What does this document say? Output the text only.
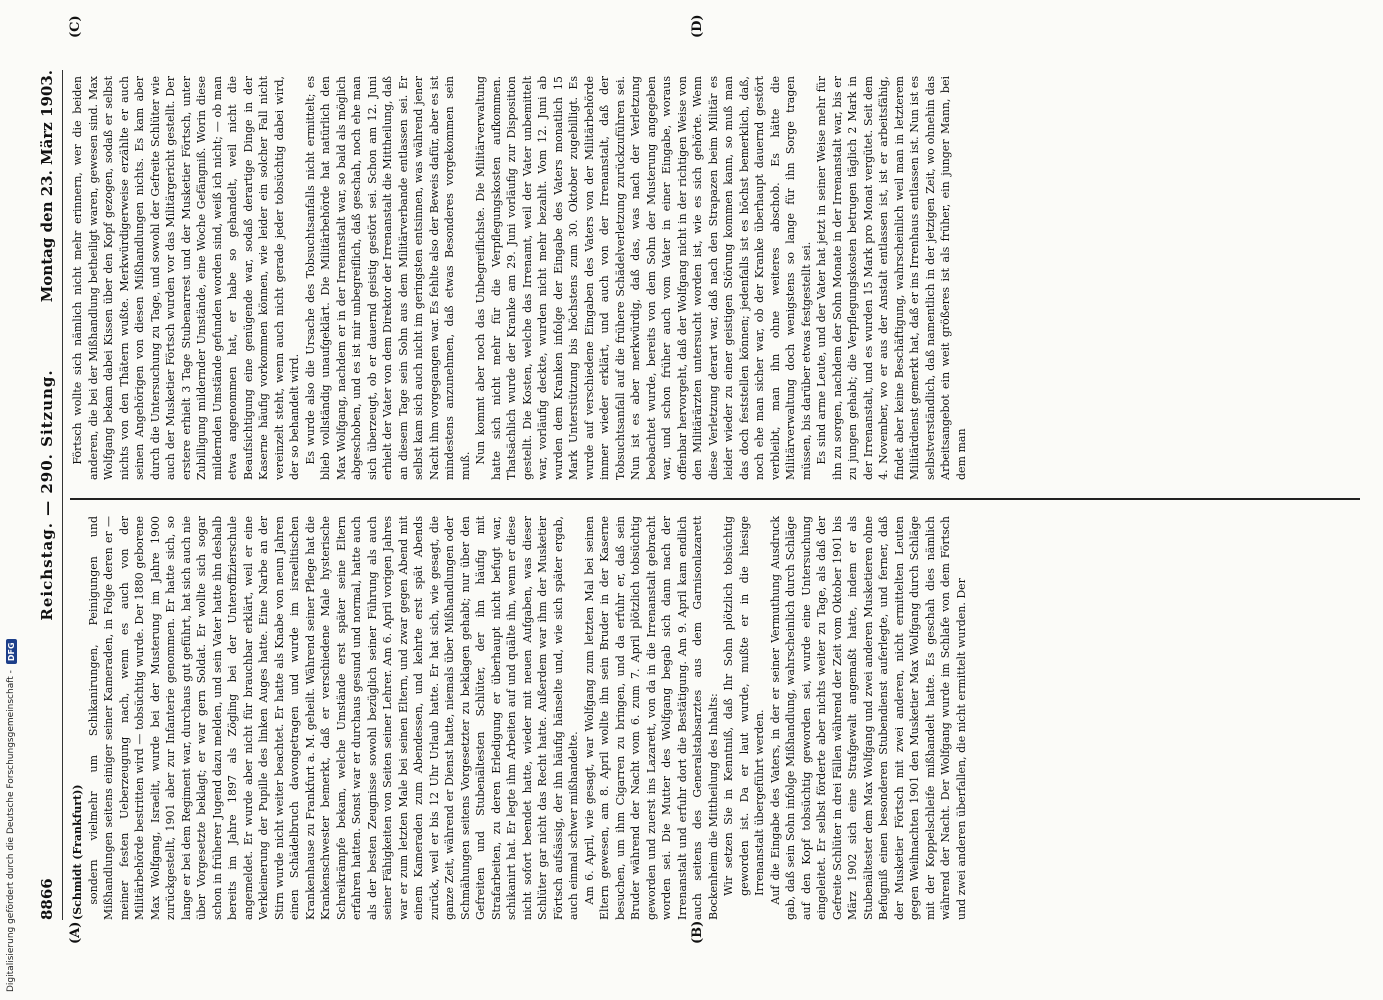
8866
Reichstag. — 290. Sitzung.
Montag den 23. März 1903.
(A)	(B)
(C)	(D)

(Schmidt (Frankfurt)) sondern vielmehr um Schikanirungen, Peinigungen und Mißhandlungen seitens einiger seiner Kameraden, in Folge deren er — meiner festen Ueberzeugung nach, wenn es auch von der Militärbehörde bestritten wird — tobsüchtig wurde. Der 1880 geborene Max Wolfgang, Israelit, wurde bei der Musterung im Jahre 1900 zurückgestellt, 1901 aber zur Infanterie genommen. Er hatte sich, so lange er bei dem Regiment war, durchaus gut geführt, hat sich auch nie über Vorgesetzte beklagt; er war gern Soldat. Er wollte sich sogar schon in früherer Jugend dazu melden, und sein Vater hatte ihn deshalb bereits im Jahre 1897 als Zögling bei der Unteroffizierschule angemeldet. Er wurde aber nicht für brauchbar erklärt, weil er eine Verkleinerung der Pupille des linken Auges hatte. Eine Narbe an der Stirn wurde nicht weiter beachtet. Er hatte als Knabe von neun Jahren einen Schädelbruch davongetragen und wurde im israelitischen Krankenhause zu Frankfurt a. M. geheilt. Während seiner Pflege hat die Krankenschwester bemerkt, daß er verschiedene Male hysterische Schreikrämpfe bekam, welche Umstände erst später seine Eltern erfahren hatten. Sonst war er durchaus gesund und normal, hatte auch als der besten Zeugnisse sowohl bezüglich seiner Führung als auch seiner Fähigkeiten von Seiten seiner Lehrer. Am 6. April vorigen Jahres war er zum letzten Male bei seinen Eltern, und zwar gegen Abend mit einem Kameraden zum Abendessen, und kehrte erst spät Abends zurück, weil er bis 12 Uhr Urlaub hatte. Er hat sich, wie gesagt, die ganze Zeit, während er Dienst hatte, niemals über Mißhandlungen oder Schmähungen seitens Vorgesetzter zu beklagen gehabt; nur über den Gefreiten und Stubenältesten Schlüter, der ihn häufig mit Strafarbeiten, zu deren Erledigung er überhaupt nicht befugt war, schikanirt hat. Er legte ihm Arbeiten auf und quälte ihn, wenn er diese nicht sofort beendet hatte, wieder mit neuen Aufgaben, was dieser Schlüter gar nicht das Recht hatte. Außerdem war ihm der Musketier Förtsch aufsässig, der ihn häufig hänselte und, wie sich später ergab, auch einmal schwer mißhandelte. Am 6. April, wie gesagt, war Wolfgang zum letzten Mal bei seinen Eltern gewesen, am 8. April wollte ihn sein Bruder in der Kaserne besuchen, um ihm Cigarren zu bringen, und da erfuhr er, daß sein Bruder während der Nacht vom 6. zum 7. April plötzlich tobsüchtig geworden und zuerst ins Lazarett, von da in die Irrenanstalt gebracht worden sei. Die Mutter des Wolfgang begab sich dann nach der Irrenanstalt und erfuhr dort die Bestätigung. Am 9. April kam endlich auch seitens des Generalstabsarztes aus dem Garnisonlazarett Bockenheim die Mittheilung des Inhalts: Wir setzen Sie in Kenntniß, daß Ihr Sohn plötzlich tobsüchtig geworden ist. Da er laut wurde, mußte er in die hiesige Irrenanstalt übergeführt werden. Auf die Eingabe des Vaters, in der er seiner Vermuthung Ausdruck gab, daß sein Sohn infolge Mißhandlung, wahrscheinlich durch Schläge auf den Kopf tobsüchtig geworden sei, wurde eine Untersuchung eingeleitet. Er selbst förderte aber nichts weiter zu Tage, als daß der Gefreite Schlüter in drei Fällen während der Zeit vom Oktober 1901 bis März 1902 sich eine Strafgewalt angemaßt hatte, indem er als Stubenältester dem Max Wolfgang und zwei anderen Musketieren ohne Befugniß einen besonderen Stubendienst auferlegte, und ferner, daß der Musketier Förtsch mit zwei anderen, nicht ermittelten Leuten gegen Weihnachten 1901 den Musketier Max Wolfgang durch Schläge mit der Koppelschleife mißhandelt hatte. Es geschah dies nämlich während der Nacht. Der Wolfgang wurde im Schlafe von dem Förtsch und zwei anderen überfallen, die nicht ermittelt wurden. Der

Förtsch wollte sich nämlich nicht mehr erinnern, wer die beiden anderen, die bei der Mißhandlung betheiligt waren, gewesen sind. Max Wolfgang bekam dabei Kissen über den Kopf gezogen, sodaß er selbst nichts von den Thätern wußte. Merkwürdigerweise erzählte er auch seinen Angehörigen von diesen Mißhandlungen nichts. Es kam aber durch die Untersuchung zu Tage, und sowohl der Gefreite Schlüter wie auch der Musketier Förtsch wurden vor das Militärgericht gestellt. Der erstere erhielt 3 Tage Stubenarrest und der Musketier Förtsch, unter Zubilligung mildernder Umstände, eine Woche Gefängniß. Worin diese mildernden Umstände gefunden worden sind, weiß ich nicht; — ob man etwa angenommen hat, er habe so gehandelt, weil nicht die Beaufsichtigung eine genügende war, sodaß derartige Dinge in der Kaserne häufig vorkommen können, wie leider ein solcher Fall nicht vereinzelt steht, wenn auch nicht gerade jeder tobsüchtig dabei wird, der so behandelt wird. Es wurde also die Ursache des Tobsuchtsanfalls nicht ermittelt; es blieb vollständig unaufgeklärt. Die Militärbehörde hat natürlich den Max Wolfgang, nachdem er in der Irrenanstalt war, so bald als möglich abgeschoben, und es ist mir unbegreiflich, daß geschah, noch ehe man sich überzeugt, ob er dauernd geistig gestört sei. Schon am 12. Juni erhielt der Vater von dem Direktor der Irrenanstalt die Mittheilung, daß an diesem Tage sein Sohn aus dem Militärverbande entlassen sei. Er selbst kam sich auch nicht im geringsten entsinnen, was während jener Nacht ihm vorgegangen war. Es fehlte also der Beweis dafür, aber es ist mindestens anzunehmen, daß etwas Besonderes vorgekommen sein muß.

Nun kommt aber noch das Unbegreiflichste. Die Militärverwaltung hatte sich nicht mehr für die Verpflegungskosten aufkommen. Thatsächlich wurde der Kranke am 29. Juni vorläufig zur Disposition gestellt. Die Kosten, welche das Irrenamt, weil der Vater unbemittelt war, vorläufig deckte, wurden nicht mehr bezahlt. Vom 12. Juni ab wurden dem Kranken infolge der Eingabe des Vaters monatlich 15 Mark Unterstützung bis höchstens zum 30. Oktober zugebilligt. Es wurde auf verschiedene Eingaben des Vaters von der Militärbehörde immer wieder erklärt, und auch von der Irrenanstalt, daß der Tobsuchtsanfall auf die frühere Schädelverletzung zurückzuführen sei. Nun ist es aber merkwürdig, daß das, was nach der Verletzung beobachtet wurde, bereits von dem Sohn der Musterung angegeben war, und schon früher auch vom Vater in einer Eingabe, woraus offenbar hervorgeht, daß der Wolfgang nicht in der richtigen Weise von den Militärärzten untersucht worden ist, wie es sich gehörte. Wenn diese Verletzung derart war, daß nach den Strapazen beim Militär es leider wieder zu einer geistigen Störung kommen kann, so muß man das doch feststellen können; jedenfalls ist es höchst bemerklich, daß, noch ehe man sicher war, ob der Kranke überhaupt dauernd gestört verbleibt, man ihn ohne weiteres abschob. Es hätte die Militärverwaltung doch wenigstens so lange für ihn Sorge tragen müssen, bis darüber etwas festgestellt sei. Es sind arme Leute, und der Vater hat jetzt in seiner Weise mehr für ihn zu sorgen, nachdem der Sohn Monate in der Irrenanstalt war, bis er zu jungen gehabt; die Verpflegungskosten betrugen täglich 2 Mark in der Irrenanstalt, und es wurden 15 Mark pro Monat vergütet. Seit dem 4. November, wo er aus der Anstalt entlassen ist, ist er arbeitsfähig, findet aber keine Beschäftigung, wahrscheinlich weil man in letzterem Militärdienst gemerkt hat, daß er ins Irrenhaus entlassen ist. Nun ist es selbstverständlich, daß namentlich in der jetzigen Zeit, wo ohnehin das Arbeitsangebot ein weit größeres ist als früher, ein junger Mann, bei dem man

Digitalisierung gefördert durch die Deutsche Forschungsgemeinschaft -
DFG
